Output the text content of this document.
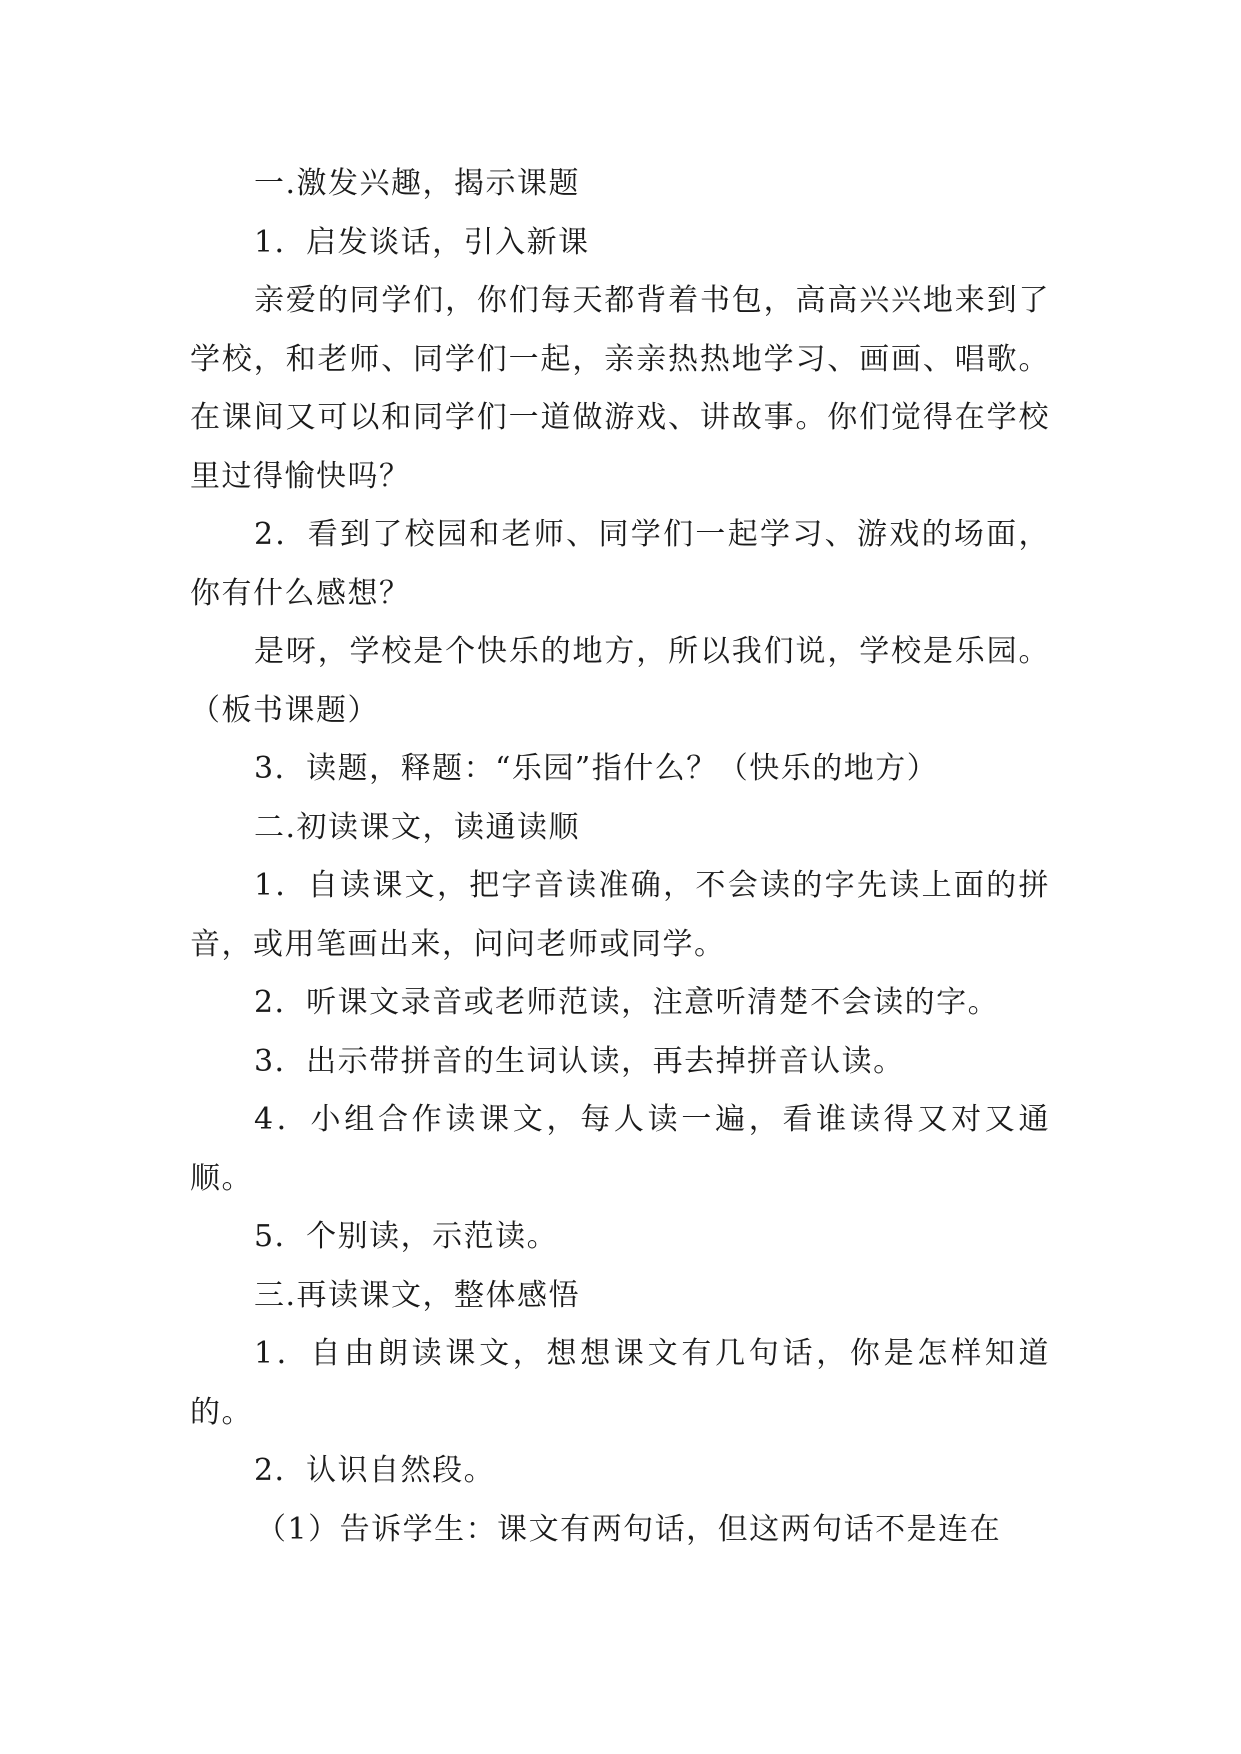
一.激发兴趣，揭示课题

1．启发谈话，引入新课

亲爱的同学们，你们每天都背着书包，高高兴兴地来到了学校，和老师、同学们一起，亲亲热热地学习、画画、唱歌。在课间又可以和同学们一道做游戏、讲故事。你们觉得在学校里过得愉快吗？

2．看到了校园和老师、同学们一起学习、游戏的场面，你有什么感想？

是呀，学校是个快乐的地方，所以我们说，学校是乐园。（板书课题）

3．读题，释题：“乐园”指什么？（快乐的地方）

二.初读课文，读通读顺

1．自读课文，把字音读准确，不会读的字先读上面的拼音，或用笔画出来，问问老师或同学。

2．听课文录音或老师范读，注意听清楚不会读的字。

3．出示带拼音的生词认读，再去掉拼音认读。

4．小组合作读课文，每人读一遍，看谁读得又对又通顺。

5．个别读，示范读。

三.再读课文，整体感悟

1．自由朗读课文，想想课文有几句话，你是怎样知道的。

2．认识自然段。

（1）告诉学生：课文有两句话，但这两句话不是连在
